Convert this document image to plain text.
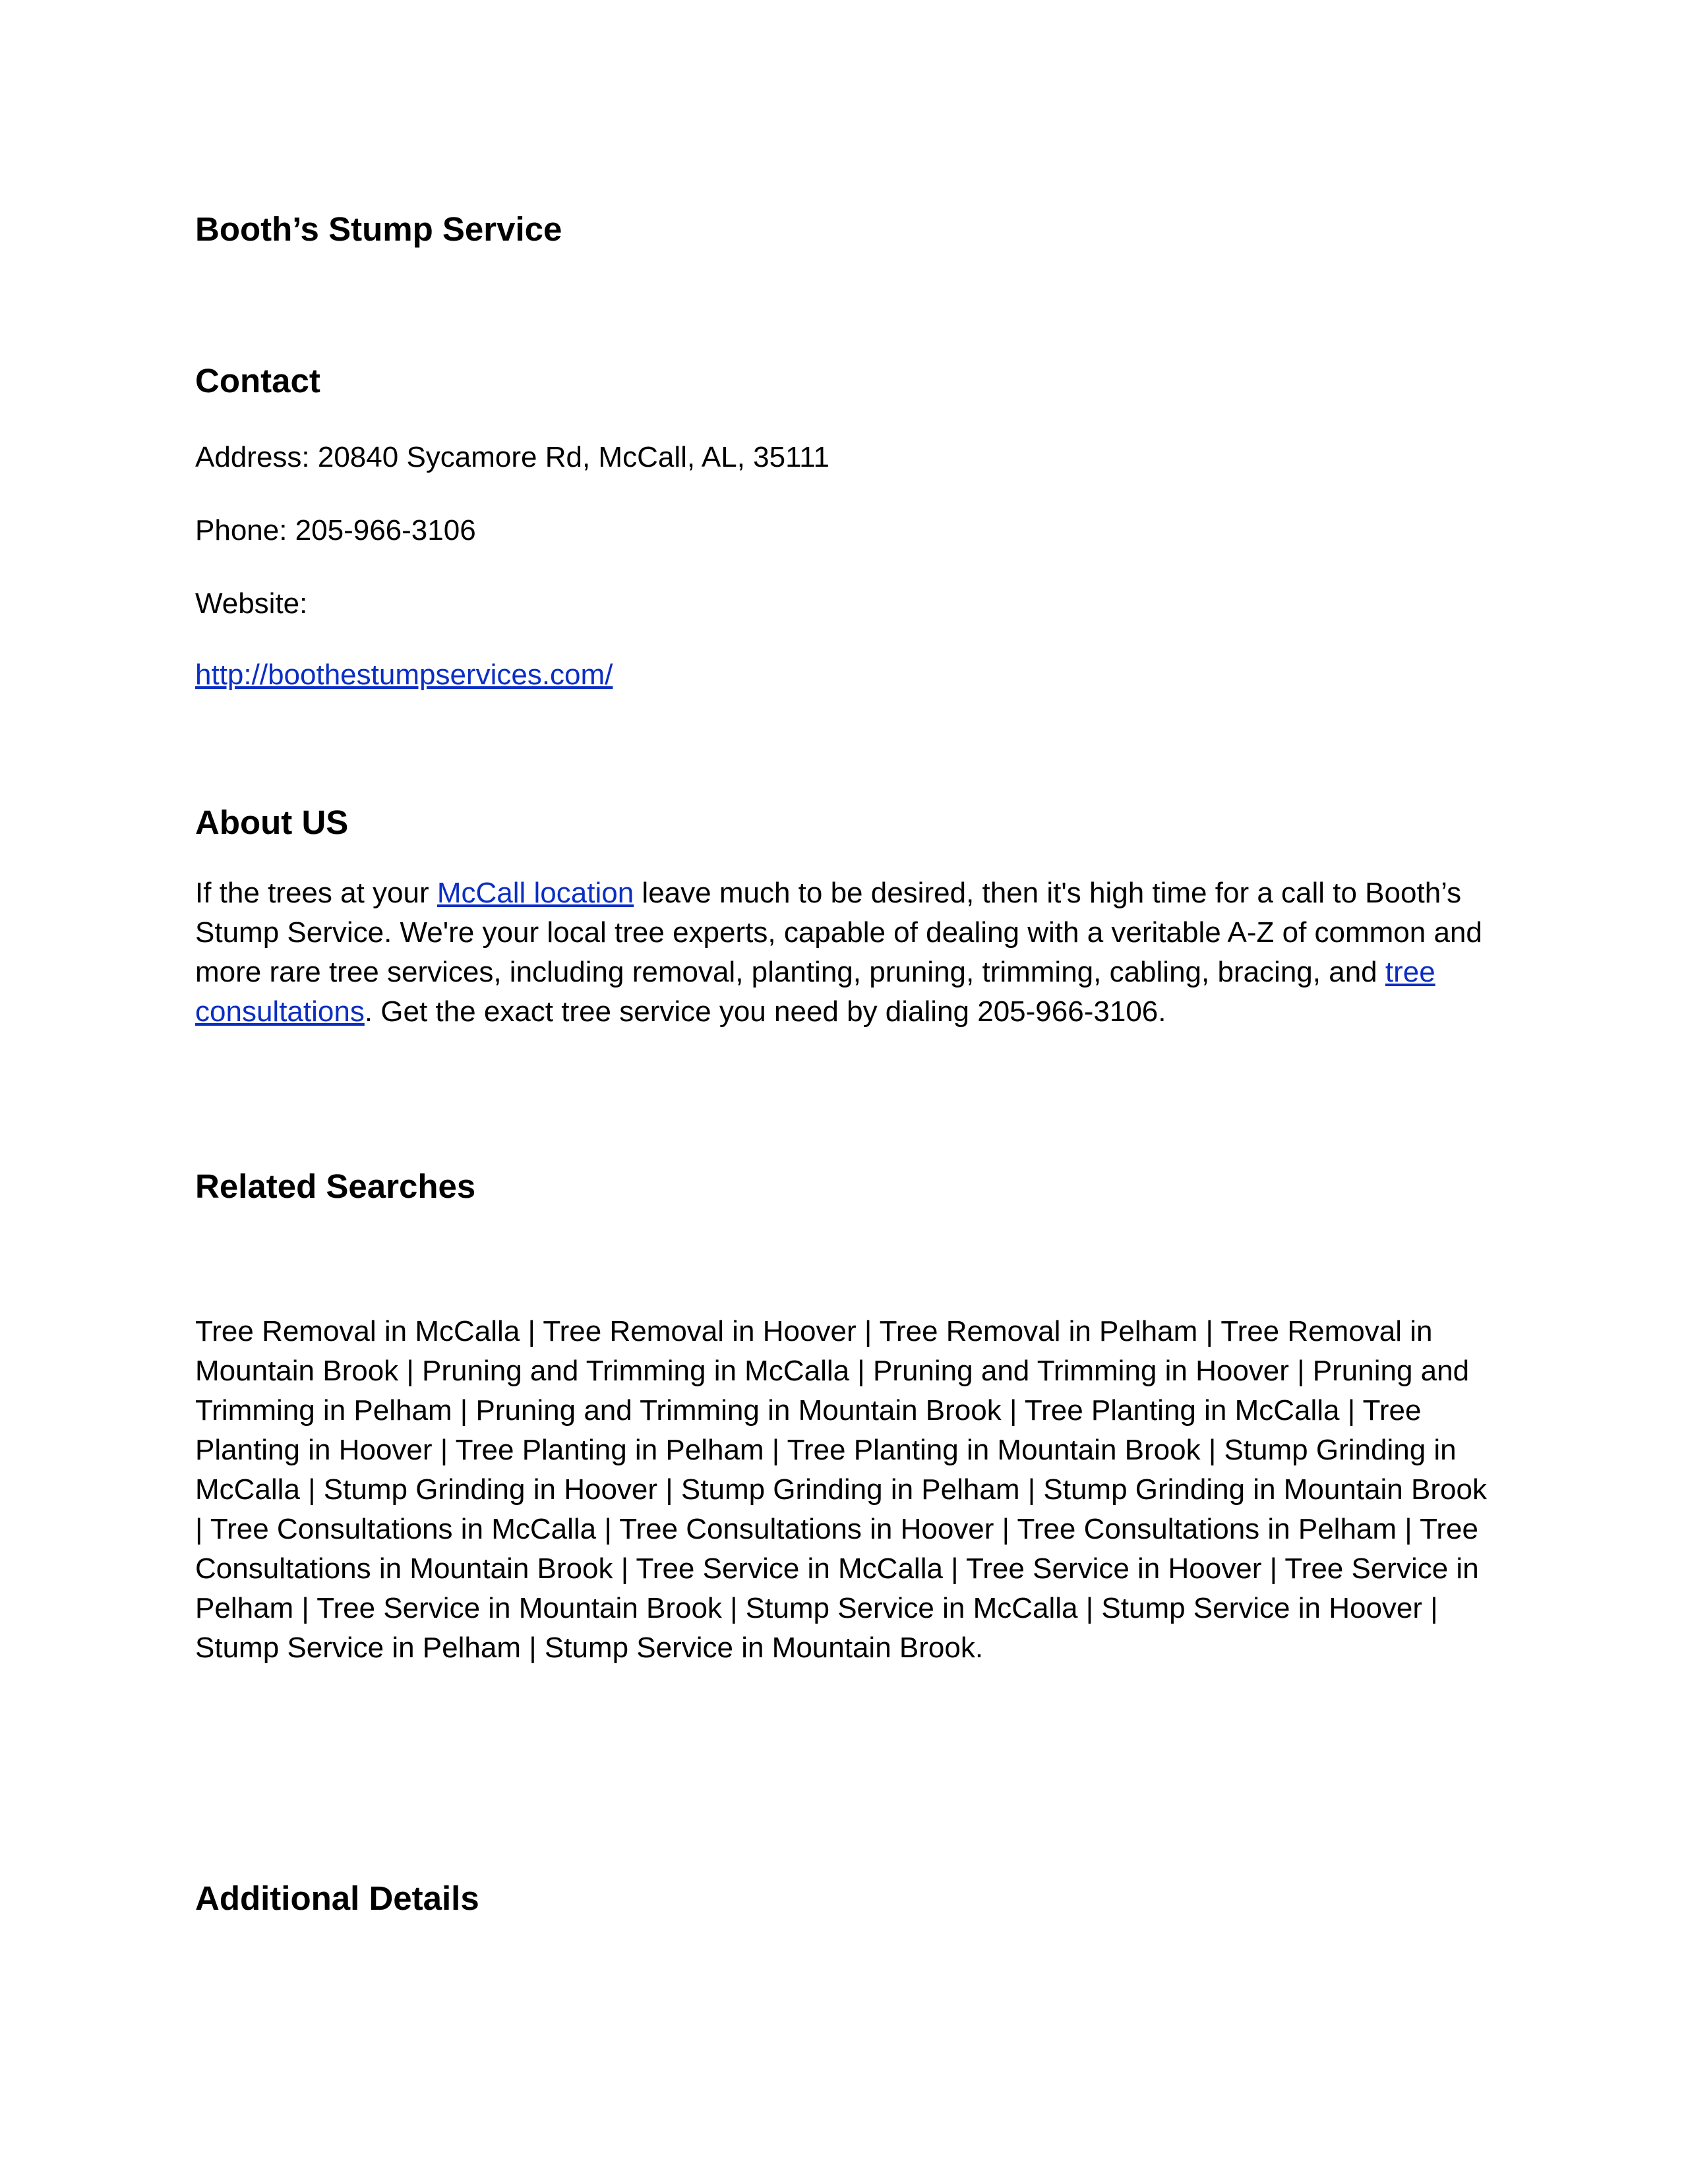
Booth’s Stump Service
Contact

Address: 20840 Sycamore Rd, McCall, AL, 35111

Phone: 205-966-3106

Website:

http://boothestumpservices.com/

About US

If the trees at your McCall location leave much to be desired, then it's high time for a call to Booth’s Stump Service. We're your local tree experts, capable of dealing with a veritable A-Z of common and more rare tree services, including removal, planting, pruning, trimming, cabling, bracing, and tree consultations. Get the exact tree service you need by dialing 205-966-3106.

Related Searches

Tree Removal in McCalla | Tree Removal in Hoover | Tree Removal in Pelham | Tree Removal in Mountain Brook | Pruning and Trimming in McCalla | Pruning and Trimming in Hoover | Pruning and Trimming in Pelham | Pruning and Trimming in Mountain Brook | Tree Planting in McCalla | Tree Planting in Hoover | Tree Planting in Pelham | Tree Planting in Mountain Brook | Stump Grinding in McCalla | Stump Grinding in Hoover | Stump Grinding in Pelham | Stump Grinding in Mountain Brook | Tree Consultations in McCalla | Tree Consultations in Hoover | Tree Consultations in Pelham | Tree Consultations in Mountain Brook | Tree Service in McCalla | Tree Service in Hoover | Tree Service in Pelham | Tree Service in Mountain Brook | Stump Service in McCalla | Stump Service in Hoover | Stump Service in Pelham | Stump Service in Mountain Brook.

Additional Details
